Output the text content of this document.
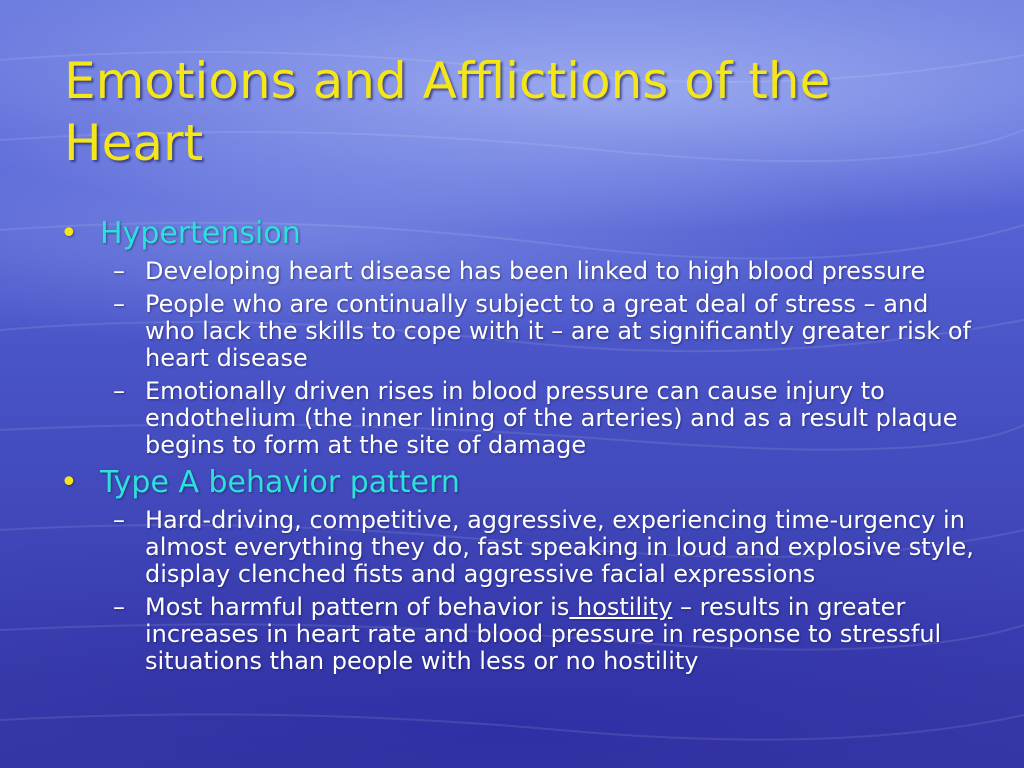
Emotions and Afflictions of the Heart
• Hypertension
– Developing heart disease has been linked to high blood pressure
– People who are continually subject to a great deal of stress – and who lack the skills to cope with it – are at significantly greater risk of heart disease
– Emotionally driven rises in blood pressure can cause injury to endothelium (the inner lining of the arteries) and as a result plaque begins to form at the site of damage
• Type A behavior pattern
– Hard-driving, competitive, aggressive, experiencing time-urgency in almost everything they do, fast speaking in loud and explosive style, display clenched fists and aggressive facial expressions
– Most harmful pattern of behavior is hostility – results in greater increases in heart rate and blood pressure in response to stressful situations than people with less or no hostility
